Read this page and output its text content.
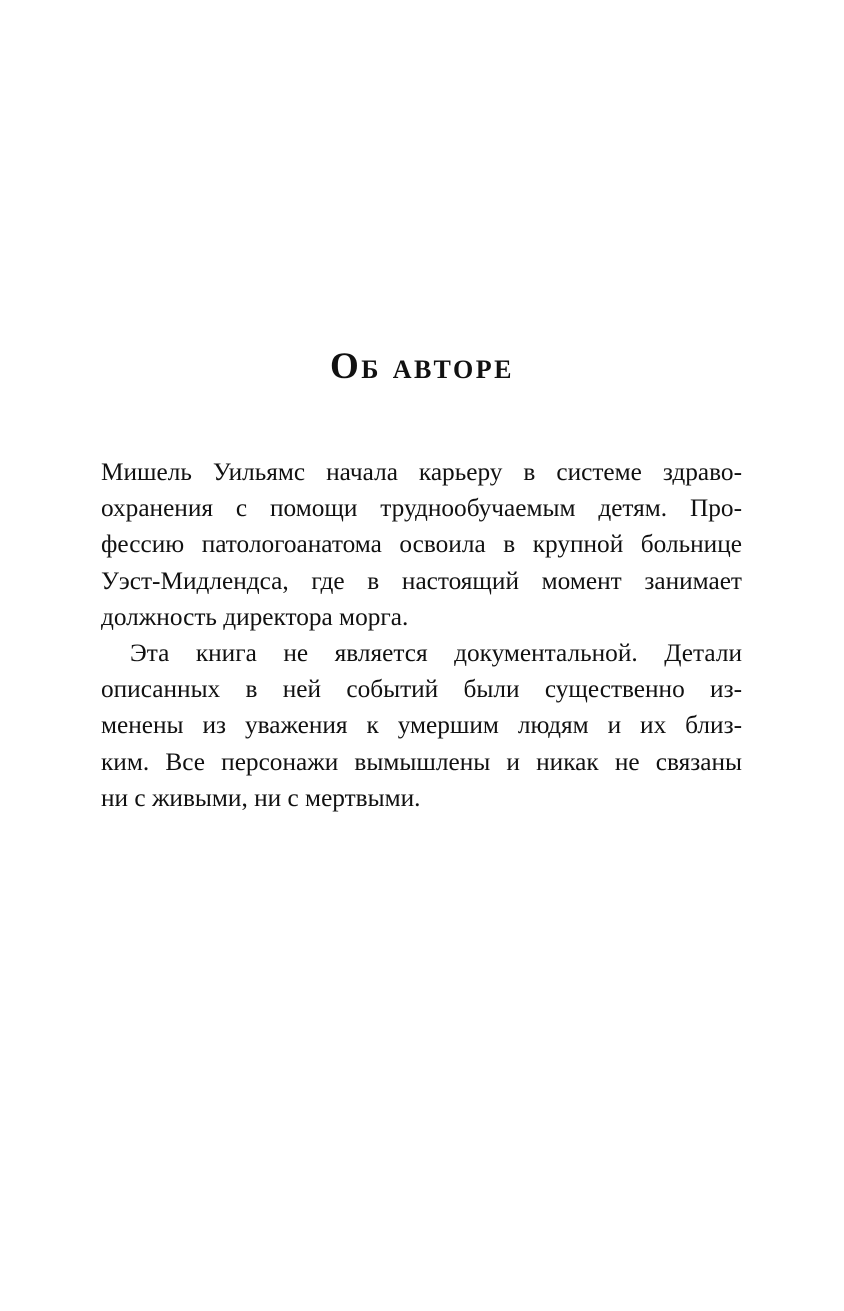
Об авторе

Мишель Уильямс начала карьеру в системе здраво-
охранения с помощи труднообучаемым детям. Про-
фессию патологоанатома освоила в крупной больнице
Уэст-Мидлендса, где в настоящий момент занимает
должность директора морга.

Эта книга не является документальной. Детали
описанных в ней событий были существенно из-
менены из уважения к умершим людям и их близ-
ким. Все персонажи вымышлены и никак не связаны
ни с живыми, ни с мертвыми.
